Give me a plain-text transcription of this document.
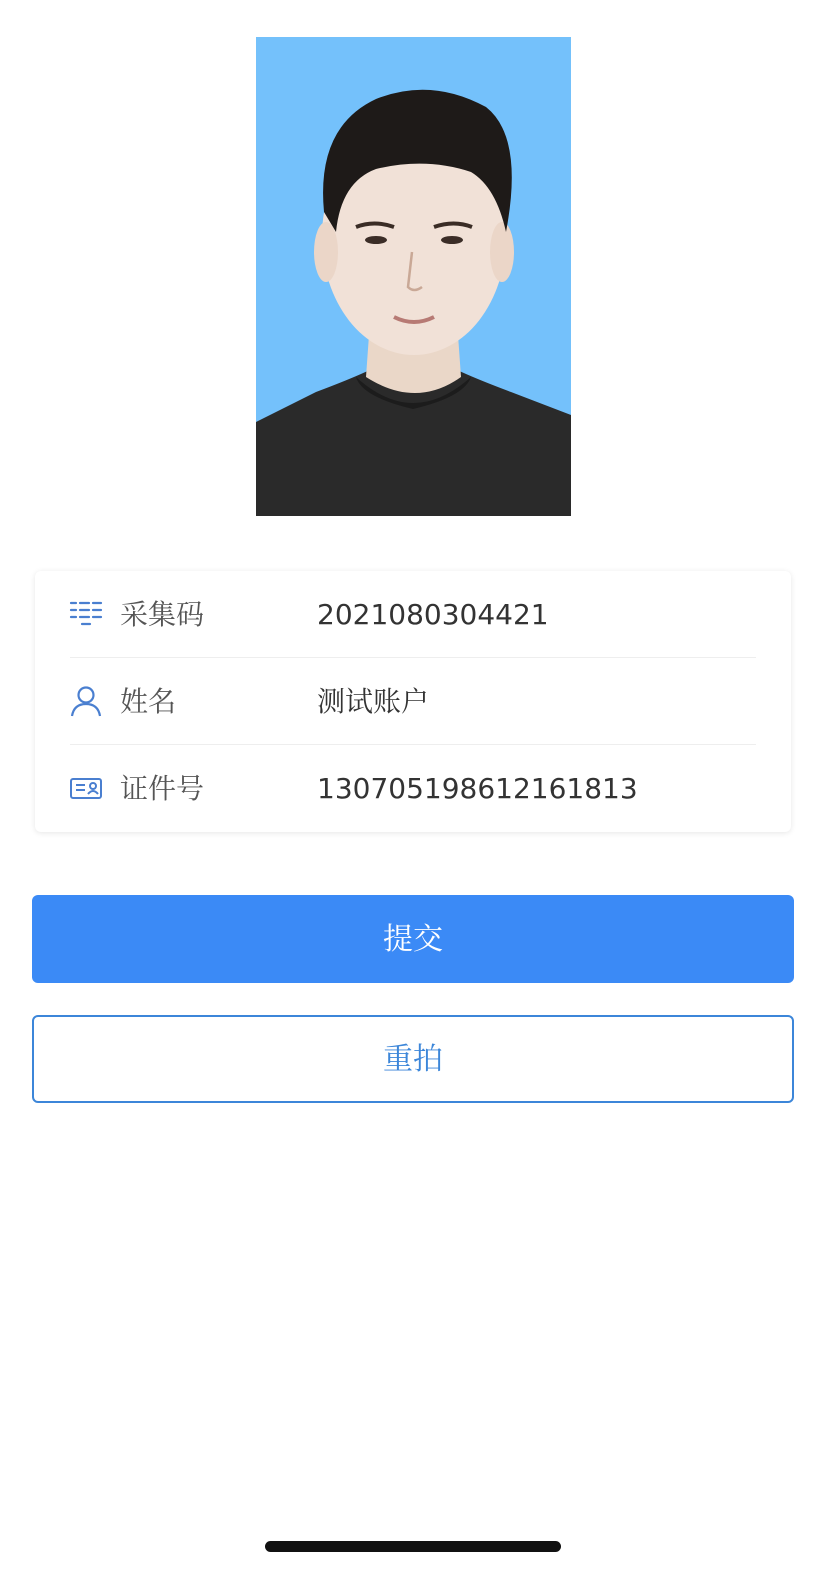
采集码	2021080304421
姓名	测试账户
证件号	130705198612161813
提交
重拍
